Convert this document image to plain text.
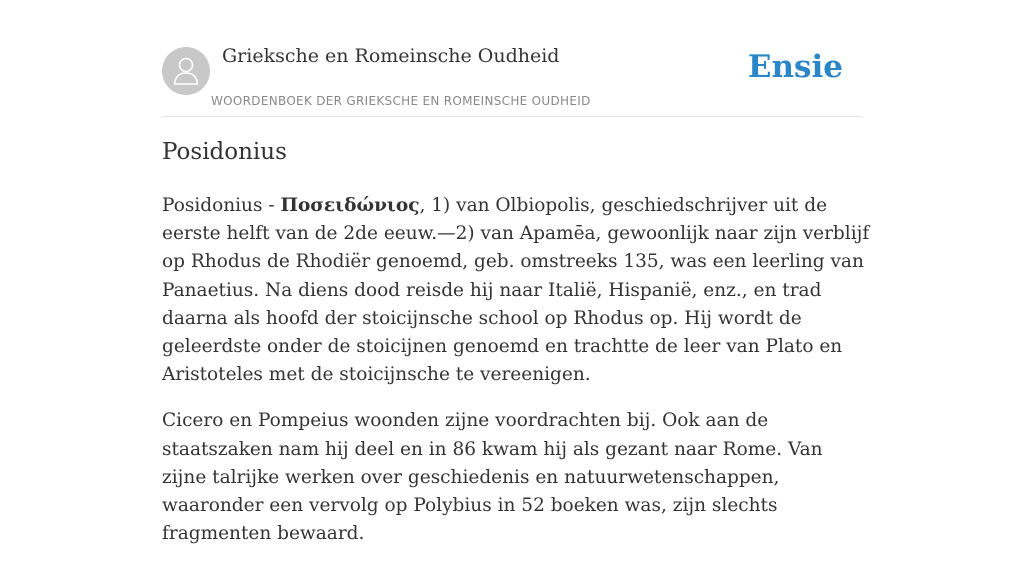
Grieksche en Romeinsche Oudheid
WOORDENBOEK DER GRIEKSCHE EN ROMEINSCHE OUDHEID
Ensie
Posidonius

Posidonius - Ποσειδώνιος, 1) van Olbiopolis, geschiedschrijver uit de eerste helft van de 2de eeuw.—2) van Apamēa, gewoonlijk naar zijn verblijf op Rhodus de Rhodiër genoemd, geb. omstreeks 135, was een leerling van Panaetius. Na diens dood reisde hij naar Italië, Hispanië, enz., en trad daarna als hoofd der stoicijnsche school op Rhodus op. Hij wordt de geleerdste onder de stoicijnen genoemd en trachtte de leer van Plato en Aristoteles met de stoicijnsche te vereenigen.

Cicero en Pompeius woonden zijne voordrachten bij. Ook aan de staatszaken nam hij deel en in 86 kwam hij als gezant naar Rome. Van zijne talrijke werken over geschiedenis en natuurwetenschappen, waaronder een vervolg op Polybius in 52 boeken was, zijn slechts fragmenten bewaard.
